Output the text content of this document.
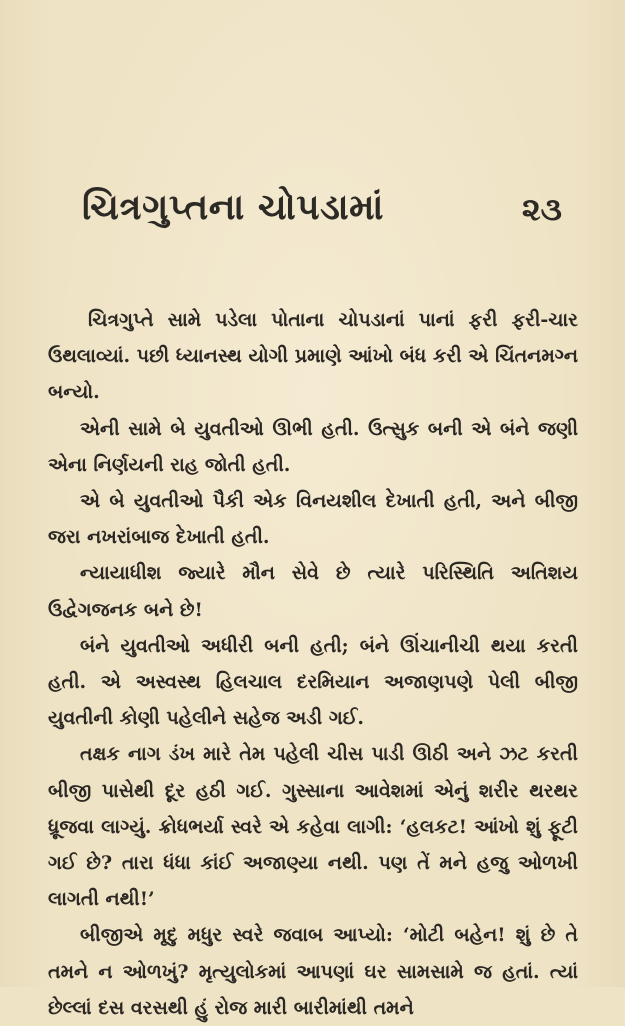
ચિત્રગુપ્તના ચોપડામાં	૨૩

ચિત્રગુપ્તે સામે પડેલા પોતાના ચોપડાનાં પાનાં ફરી ફરી-ચાર ઉથલાવ્યાં. પછી ધ્યાનસ્થ યોગી પ્રમાણે આંખો બંધ કરી એ ચિંતનમગ્ન બન્યો.

એની સામે બે યુવતીઓ ઊભી હતી. ઉત્સુક બની એ બંને જણી એના નિર્ણયની રાહ જોતી હતી.

એ બે યુવતીઓ પૈકી એક વિનયશીલ દેખાતી હતી, અને બીજી જરા નખરાંબાજ દેખાતી હતી.

ન્યાયાધીશ જ્યારે મૌન સેવે છે ત્યારે પરિસ્થિતિ અતિશય ઉદ્વેગજનક બને છે!

બંને યુવતીઓ અધીરી બની હતી; બંને ઊંચાનીચી થયા કરતી હતી. એ અસ્વસ્થ હિલચાલ દરમિયાન અજાણપણે પેલી બીજી યુવતીની કોણી પહેલીને સહેજ અડી ગઈ.

તક્ષક નાગ ડંખ મારે તેમ પહેલી ચીસ પાડી ઊઠી અને ઝટ કરતી બીજી પાસેથી દૂર હઠી ગઈ. ગુસ્સાના આવેશમાં એનું શરીર થરથર ધ્રૂજવા લાગ્યું. ક્રોધભર્યા સ્વરે એ કહેવા લાગી: ‘હલકટ! આંખો શું ફૂટી ગઈ છે? તારા ધંધા કાંઈ અજાણ્યા નથી. પણ તેં મને હજુ ઓળખી લાગતી નથી!’

બીજીએ મૃદુ મધુર સ્વરે જવાબ આપ્યો: ‘મોટી બહેન! શું છે તે તમને ન ઓળખું? મૃત્યુલોકમાં આપણાં ઘર સામસામે જ હતાં. ત્યાં છેલ્લાં દસ વરસથી હું રોજ મારી બારીમાંથી તમને
